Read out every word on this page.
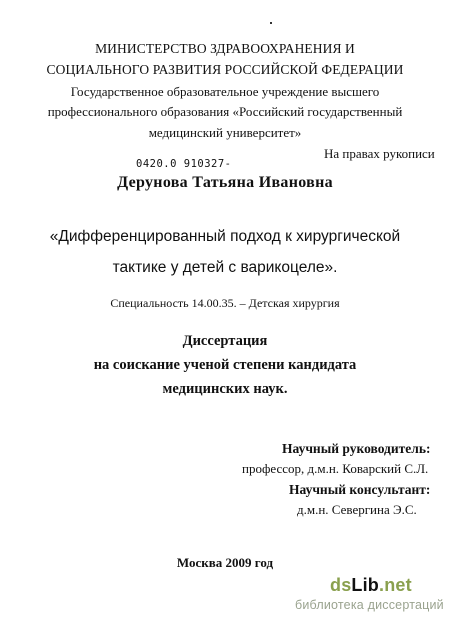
МИНИСТЕРСТВО ЗДРАВООХРАНЕНИЯ И
СОЦИАЛЬНОГО РАЗВИТИЯ РОССИЙСКОЙ ФЕДЕРАЦИИ
Государственное образовательное учреждение высшего
профессионального образования «Российский государственный
медицинский университет»
На правах рукописи
0420.0 910327-
Дерунова Татьяна Ивановна
«Дифференцированный подход к хирургической
тактике у детей с варикоцеле».
Специальность 14.00.35. – Детская хирургия
Диссертация
на соискание ученой степени кандидата
медицинских наук.
Научный руководитель:
профессор, д.м.н. Коварский С.Л.
Научный консультант:
д.м.н. Севергина Э.С.
Москва 2009 год
dsLib.net
библиотека диссертаций
